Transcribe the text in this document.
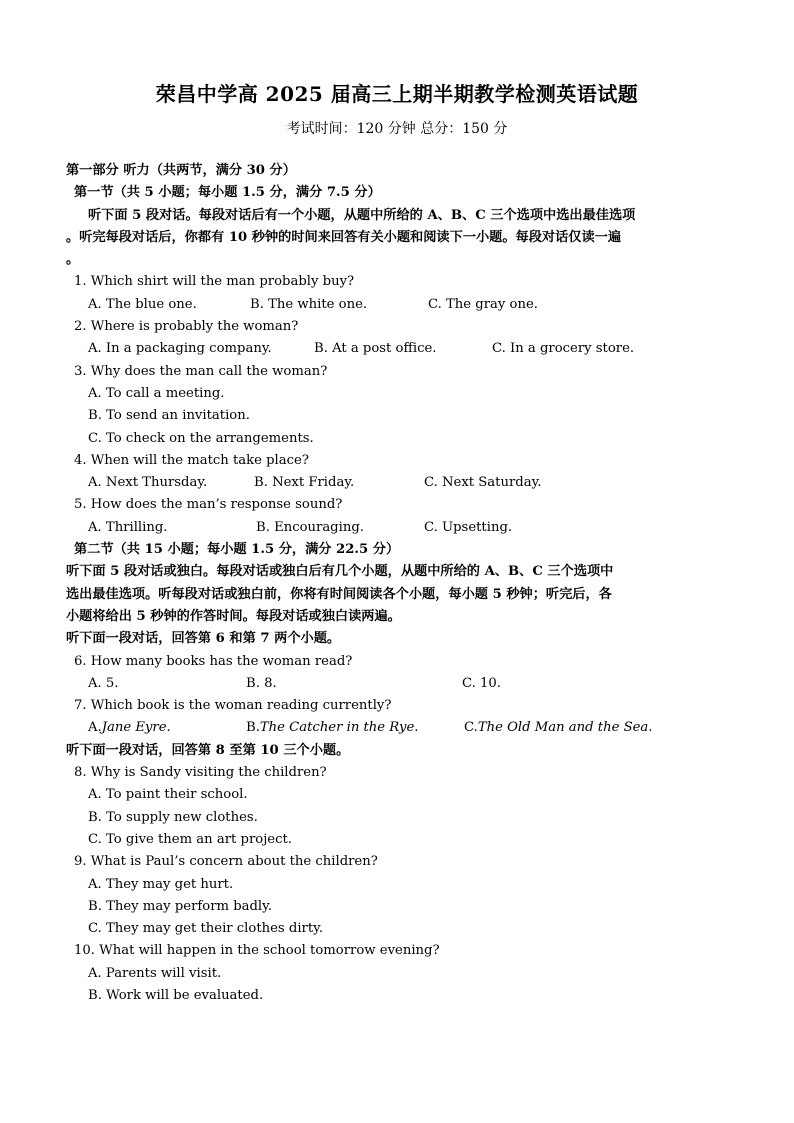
荣昌中学高 2025 届高三上期半期教学检测英语试题
考试时间：120 分钟 总分：150 分
第一部分 听力（共两节，满分 30 分）
第一节（共 5 小题；每小题 1.5 分，满分 7.5 分）
听下面 5 段对话。每段对话后有一个小题，从题中所给的 A、B、C 三个选项中选出最佳选项
。听完每段对话后，你都有 10 秒钟的时间来回答有关小题和阅读下一小题。每段对话仅读一遍
。
1. Which shirt will the man probably buy?
A. The blue one.	B. The white one.	C. The gray one.
2. Where is probably the woman?
A. In a packaging company.	B. At a post office.	C. In a grocery store.
3. Why does the man call the woman?
A. To call a meeting.
B. To send an invitation.
C. To check on the arrangements.
4. When will the match take place?
A. Next Thursday.	B. Next Friday.	C. Next Saturday.
5. How does the man’s response sound?
A. Thrilling.	B. Encouraging.	C. Upsetting.
第二节（共 15 小题；每小题 1.5 分，满分 22.5 分）
听下面 5 段对话或独白。每段对话或独白后有几个小题，从题中所给的 A、B、C 三个选项中
选出最佳选项。听每段对话或独白前，你将有时间阅读各个小题，每小题 5 秒钟；听完后，各
小题将给出 5 秒钟的作答时间。每段对话或独白读两遍。
听下面一段对话，回答第 6 和第 7 两个小题。
6. How many books has the woman read?
A. 5.	B. 8.	C. 10.
7. Which book is the woman reading currently?
A.Jane Eyre.	B.The Catcher in the Rye.	C.The Old Man and the Sea.
听下面一段对话，回答第 8 至第 10 三个小题。
8. Why is Sandy visiting the children?
A. To paint their school.
B. To supply new clothes.
C. To give them an art project.
9. What is Paul’s concern about the children?
A. They may get hurt.
B. They may perform badly.
C. They may get their clothes dirty.
10. What will happen in the school tomorrow evening?
A. Parents will visit.
B. Work will be evaluated.
